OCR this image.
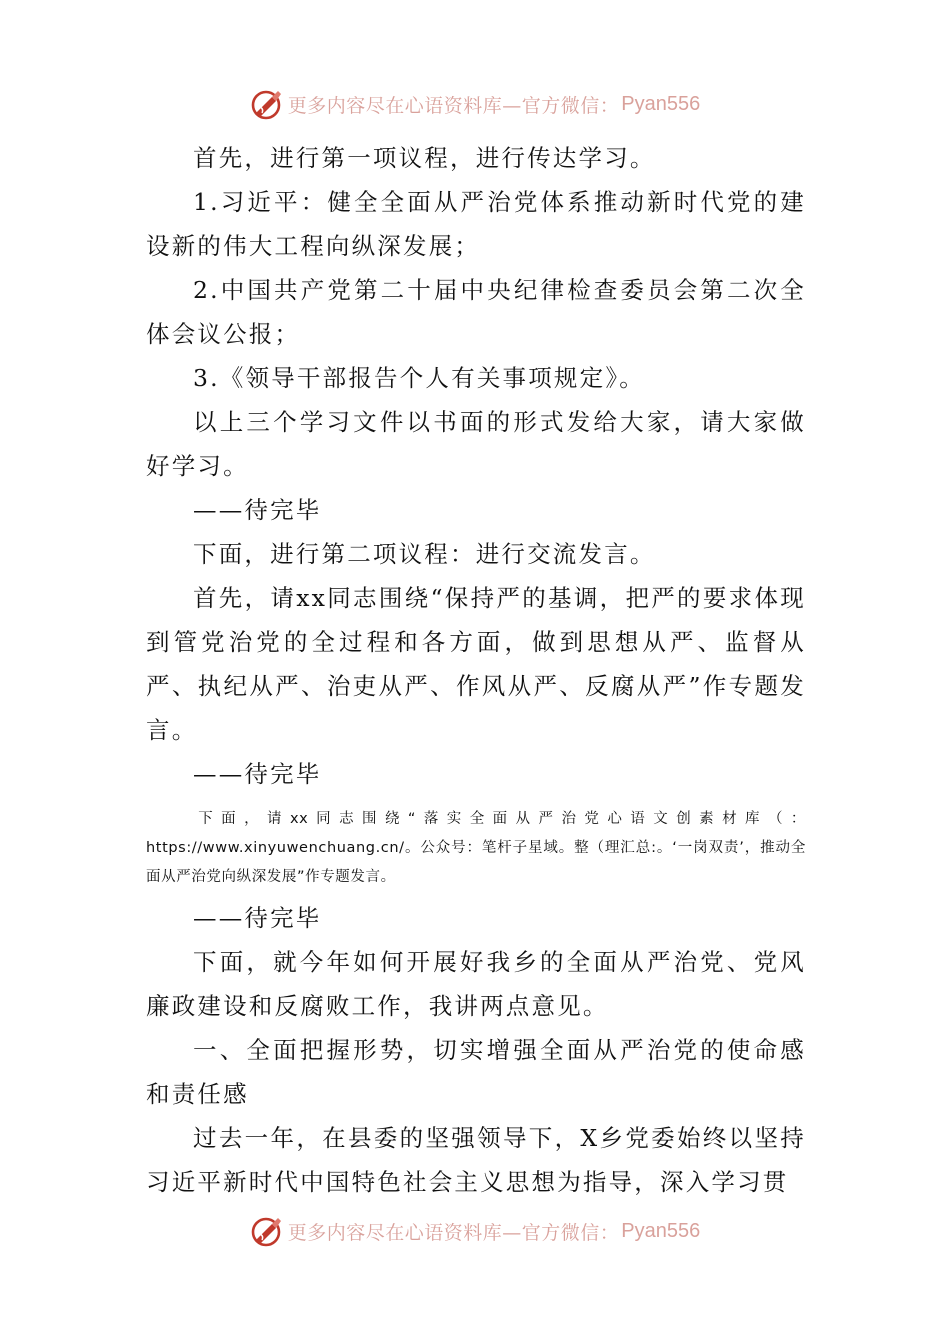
更多内容尽在心语资料库—官方微信： Pyan556

首先，进行第一项议程，进行传达学习。

1.习近平：健全全面从严治党体系推动新时代党的建设新的伟大工程向纵深发展；

2.中国共产党第二十届中央纪律检查委员会第二次全体会议公报；

3.《领导干部报告个人有关事项规定》。

以上三个学习文件以书面的形式发给大家，请大家做好学习。

——待完毕

下面，进行第二项议程：进行交流发言。

首先，请xx同志围绕“保持严的基调，把严的要求体现到管党治党的全过程和各方面，做到思想从严、监督从严、执纪从严、治吏从严、作风从严、反腐从严”作专题发言。

——待完毕

下面，请xx同志围绕“落实全面从严治党心语文创素材库（：https://www.xinyuwenchuang.cn/。公众号：笔杆子星域。整（理汇总:。‘一岗双责’，推动全面从严治党向纵深发展”作专题发言。

——待完毕

下面，就今年如何开展好我乡的全面从严治党、党风廉政建设和反腐败工作，我讲两点意见。

一、全面把握形势，切实增强全面从严治党的使命感和责任感

过去一年，在县委的坚强领导下，X乡党委始终以坚持习近平新时代中国特色社会主义思想为指导，深入学习贯

更多内容尽在心语资料库—官方微信： Pyan556
